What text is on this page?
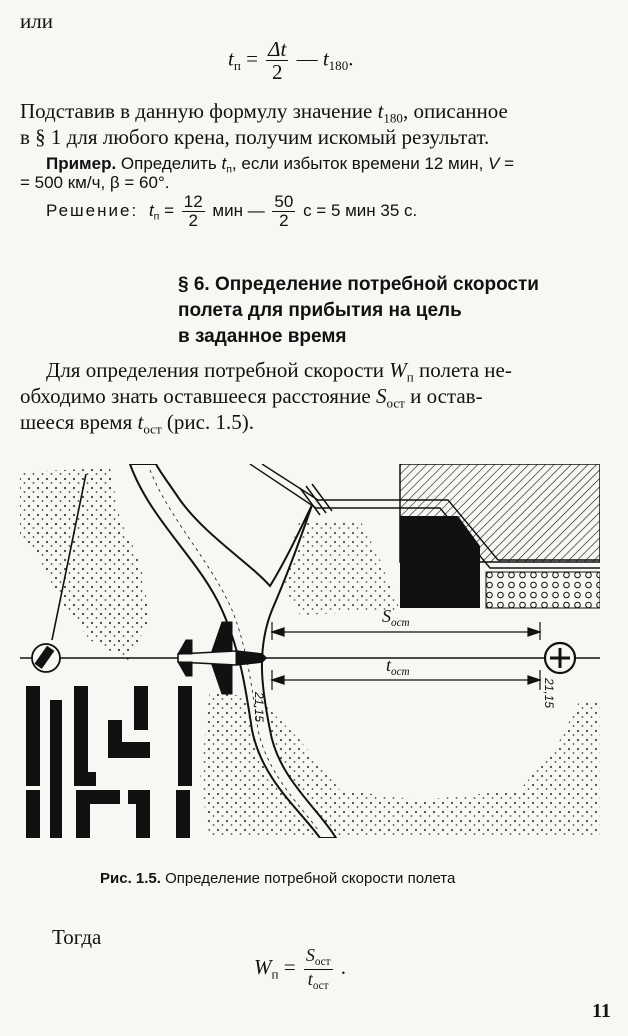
или
$t_п = \frac{\Delta t}{2}$ — $t_{180}$.
Подставив в данную формулу значение $t_{180}$, описанное
в § 1 для любого крена, получим искомый результат.
Пример. Определить $t_п$, если избыток времени 12 мин, V =
= 500 км/ч, β = 60°.
Решение: $t_п = \frac{12}{2}$ мин — $\frac{50}{2}$ с = 5 мин 35 с.
§ 6. Определение потребной скорости
полета для прибытия на цель
в заданное время
Для определения потребной скорости $W_п$ полета не-
обходимо знать оставшееся расстояние $S_{ост}$ и остав-
шееся время $t_{ост}$ (рис. 1.5).
$S_{ост}$
$t_{ост}$
21,15	21,15
Рис. 1.5. Определение потребной скорости полета
Тогда
$W_п = \frac{S_{ост}}{t_{ост}}$ .
11
